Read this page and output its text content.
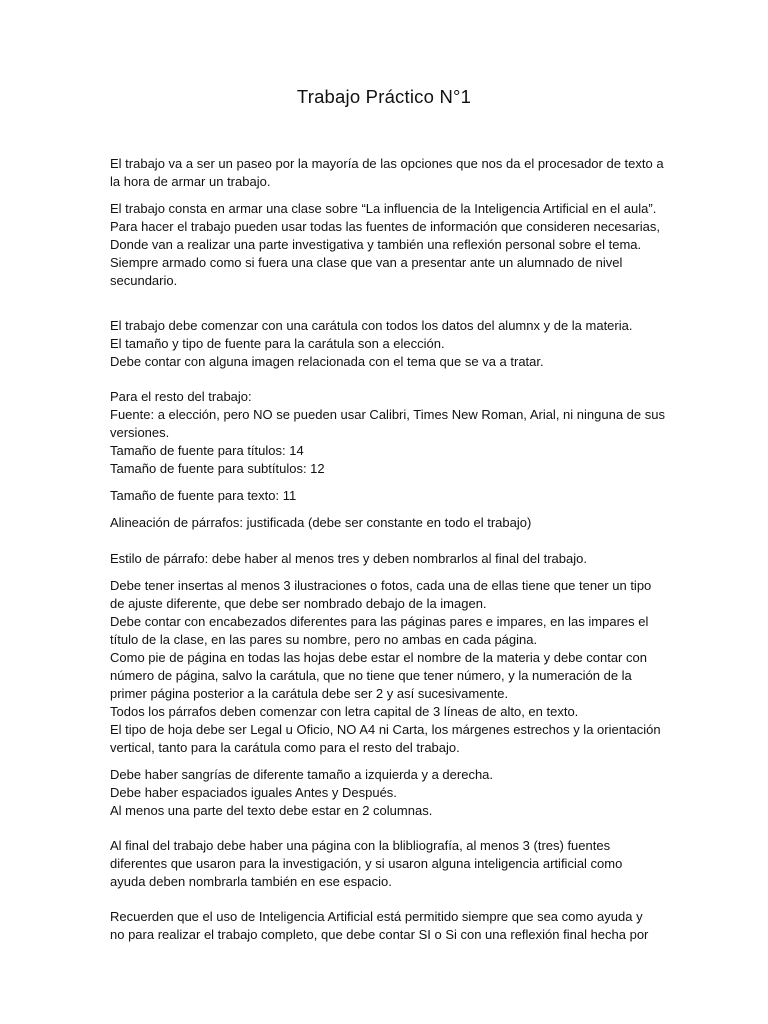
Trabajo Práctico N°1

El trabajo va a ser un paseo por la mayoría de las opciones que nos da el procesador de texto a
la hora de armar un trabajo.

El trabajo consta en armar una clase sobre “La influencia de la Inteligencia Artificial en el aula”.
Para hacer el trabajo pueden usar todas las fuentes de información que consideren necesarias,
Donde van a realizar una parte investigativa y también una reflexión personal sobre el tema.
Siempre armado como si fuera una clase que van a presentar ante un alumnado de nivel
secundario.

El trabajo debe comenzar con una carátula con todos los datos del alumnx y de la materia.
El tamaño y tipo de fuente para la carátula son a elección.
Debe contar con alguna imagen relacionada con el tema que se va a tratar.

Para el resto del trabajo:
Fuente: a elección, pero NO se pueden usar Calibri, Times New Roman, Arial, ni ninguna de sus
versiones.
Tamaño de fuente para títulos: 14
Tamaño de fuente para subtítulos: 12

Tamaño de fuente para texto: 11

Alineación de párrafos: justificada (debe ser constante en todo el trabajo)

Estilo de párrafo: debe haber al menos tres y deben nombrarlos al final del trabajo.

Debe tener insertas al menos 3 ilustraciones o fotos, cada una de ellas tiene que tener un tipo
de ajuste diferente, que debe ser nombrado debajo de la imagen.
Debe contar con encabezados diferentes para las páginas pares e impares, en las impares el
título de la clase, en las pares su nombre, pero no ambas en cada página.
Como pie de página en todas las hojas debe estar el nombre de la materia y debe contar con
número de página, salvo la carátula, que no tiene que tener número, y la numeración de la
primer página posterior a la carátula debe ser 2 y así sucesivamente.
Todos los párrafos deben comenzar con letra capital de 3 líneas de alto, en texto.
El tipo de hoja debe ser Legal u Oficio, NO A4 ni Carta, los márgenes estrechos y la orientación
vertical, tanto para la carátula como para el resto del trabajo.

Debe haber sangrías de diferente tamaño a izquierda y a derecha.
Debe haber espaciados iguales Antes y Después.
Al menos una parte del texto debe estar en 2 columnas.

Al final del trabajo debe haber una página con la blibliografía, al menos 3 (tres) fuentes
diferentes que usaron para la investigación, y si usaron alguna inteligencia artificial como
ayuda deben nombrarla también en ese espacio.

Recuerden que el uso de Inteligencia Artificial está permitido siempre que sea como ayuda y
no para realizar el trabajo completo, que debe contar SI o Si con una reflexión final hecha por
